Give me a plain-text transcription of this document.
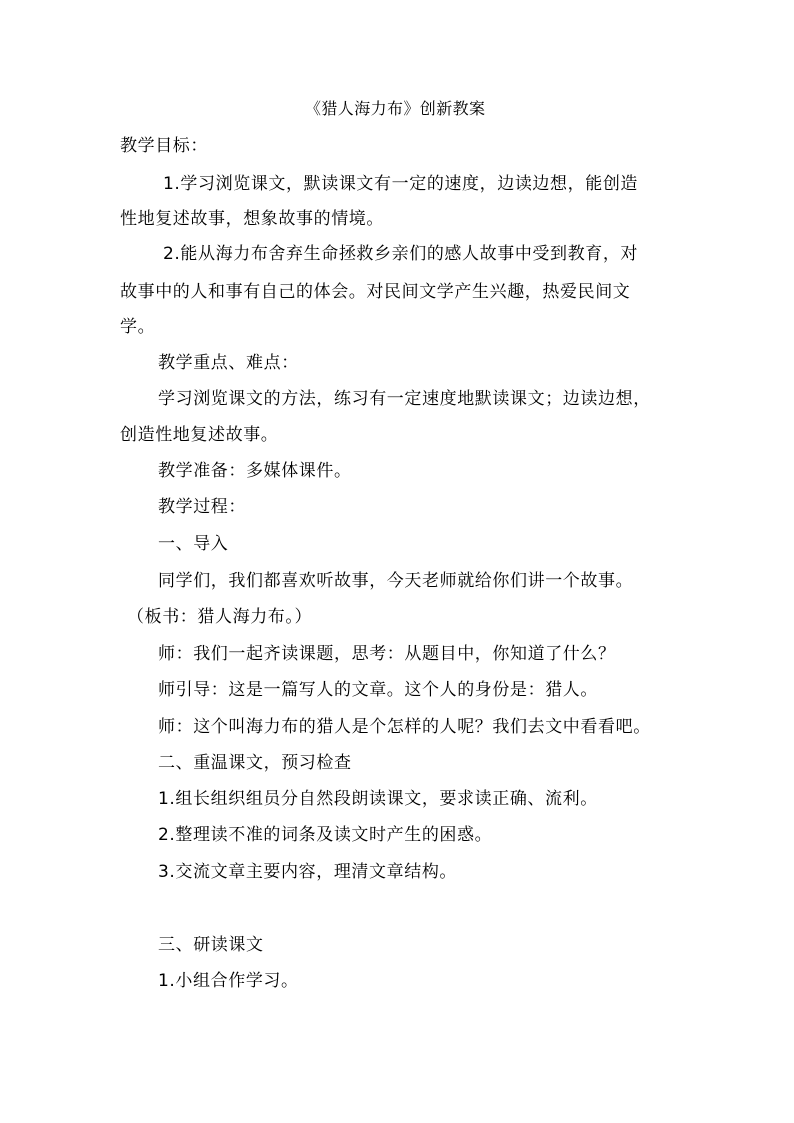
《猎人海力布》创新教案
教学目标：
1.学习浏览课文，默读课文有一定的速度，边读边想，能创造
性地复述故事，想象故事的情境。
2.能从海力布舍弃生命拯救乡亲们的感人故事中受到教育，对
故事中的人和事有自己的体会。对民间文学产生兴趣，热爱民间文
学。
教学重点、难点：
学习浏览课文的方法，练习有一定速度地默读课文；边读边想，
创造性地复述故事。
教学准备：多媒体课件。
教学过程：
一、导入
同学们，我们都喜欢听故事，今天老师就给你们讲一个故事。
（板书：猎人海力布。）
师：我们一起齐读课题，思考：从题目中，你知道了什么？
师引导：这是一篇写人的文章。这个人的身份是：猎人。
师：这个叫海力布的猎人是个怎样的人呢？我们去文中看看吧。
二、重温课文，预习检查
1.组长组织组员分自然段朗读课文，要求读正确、流利。
2.整理读不准的词条及读文时产生的困惑。
3.交流文章主要内容，理清文章结构。
三、研读课文
1.小组合作学习。
